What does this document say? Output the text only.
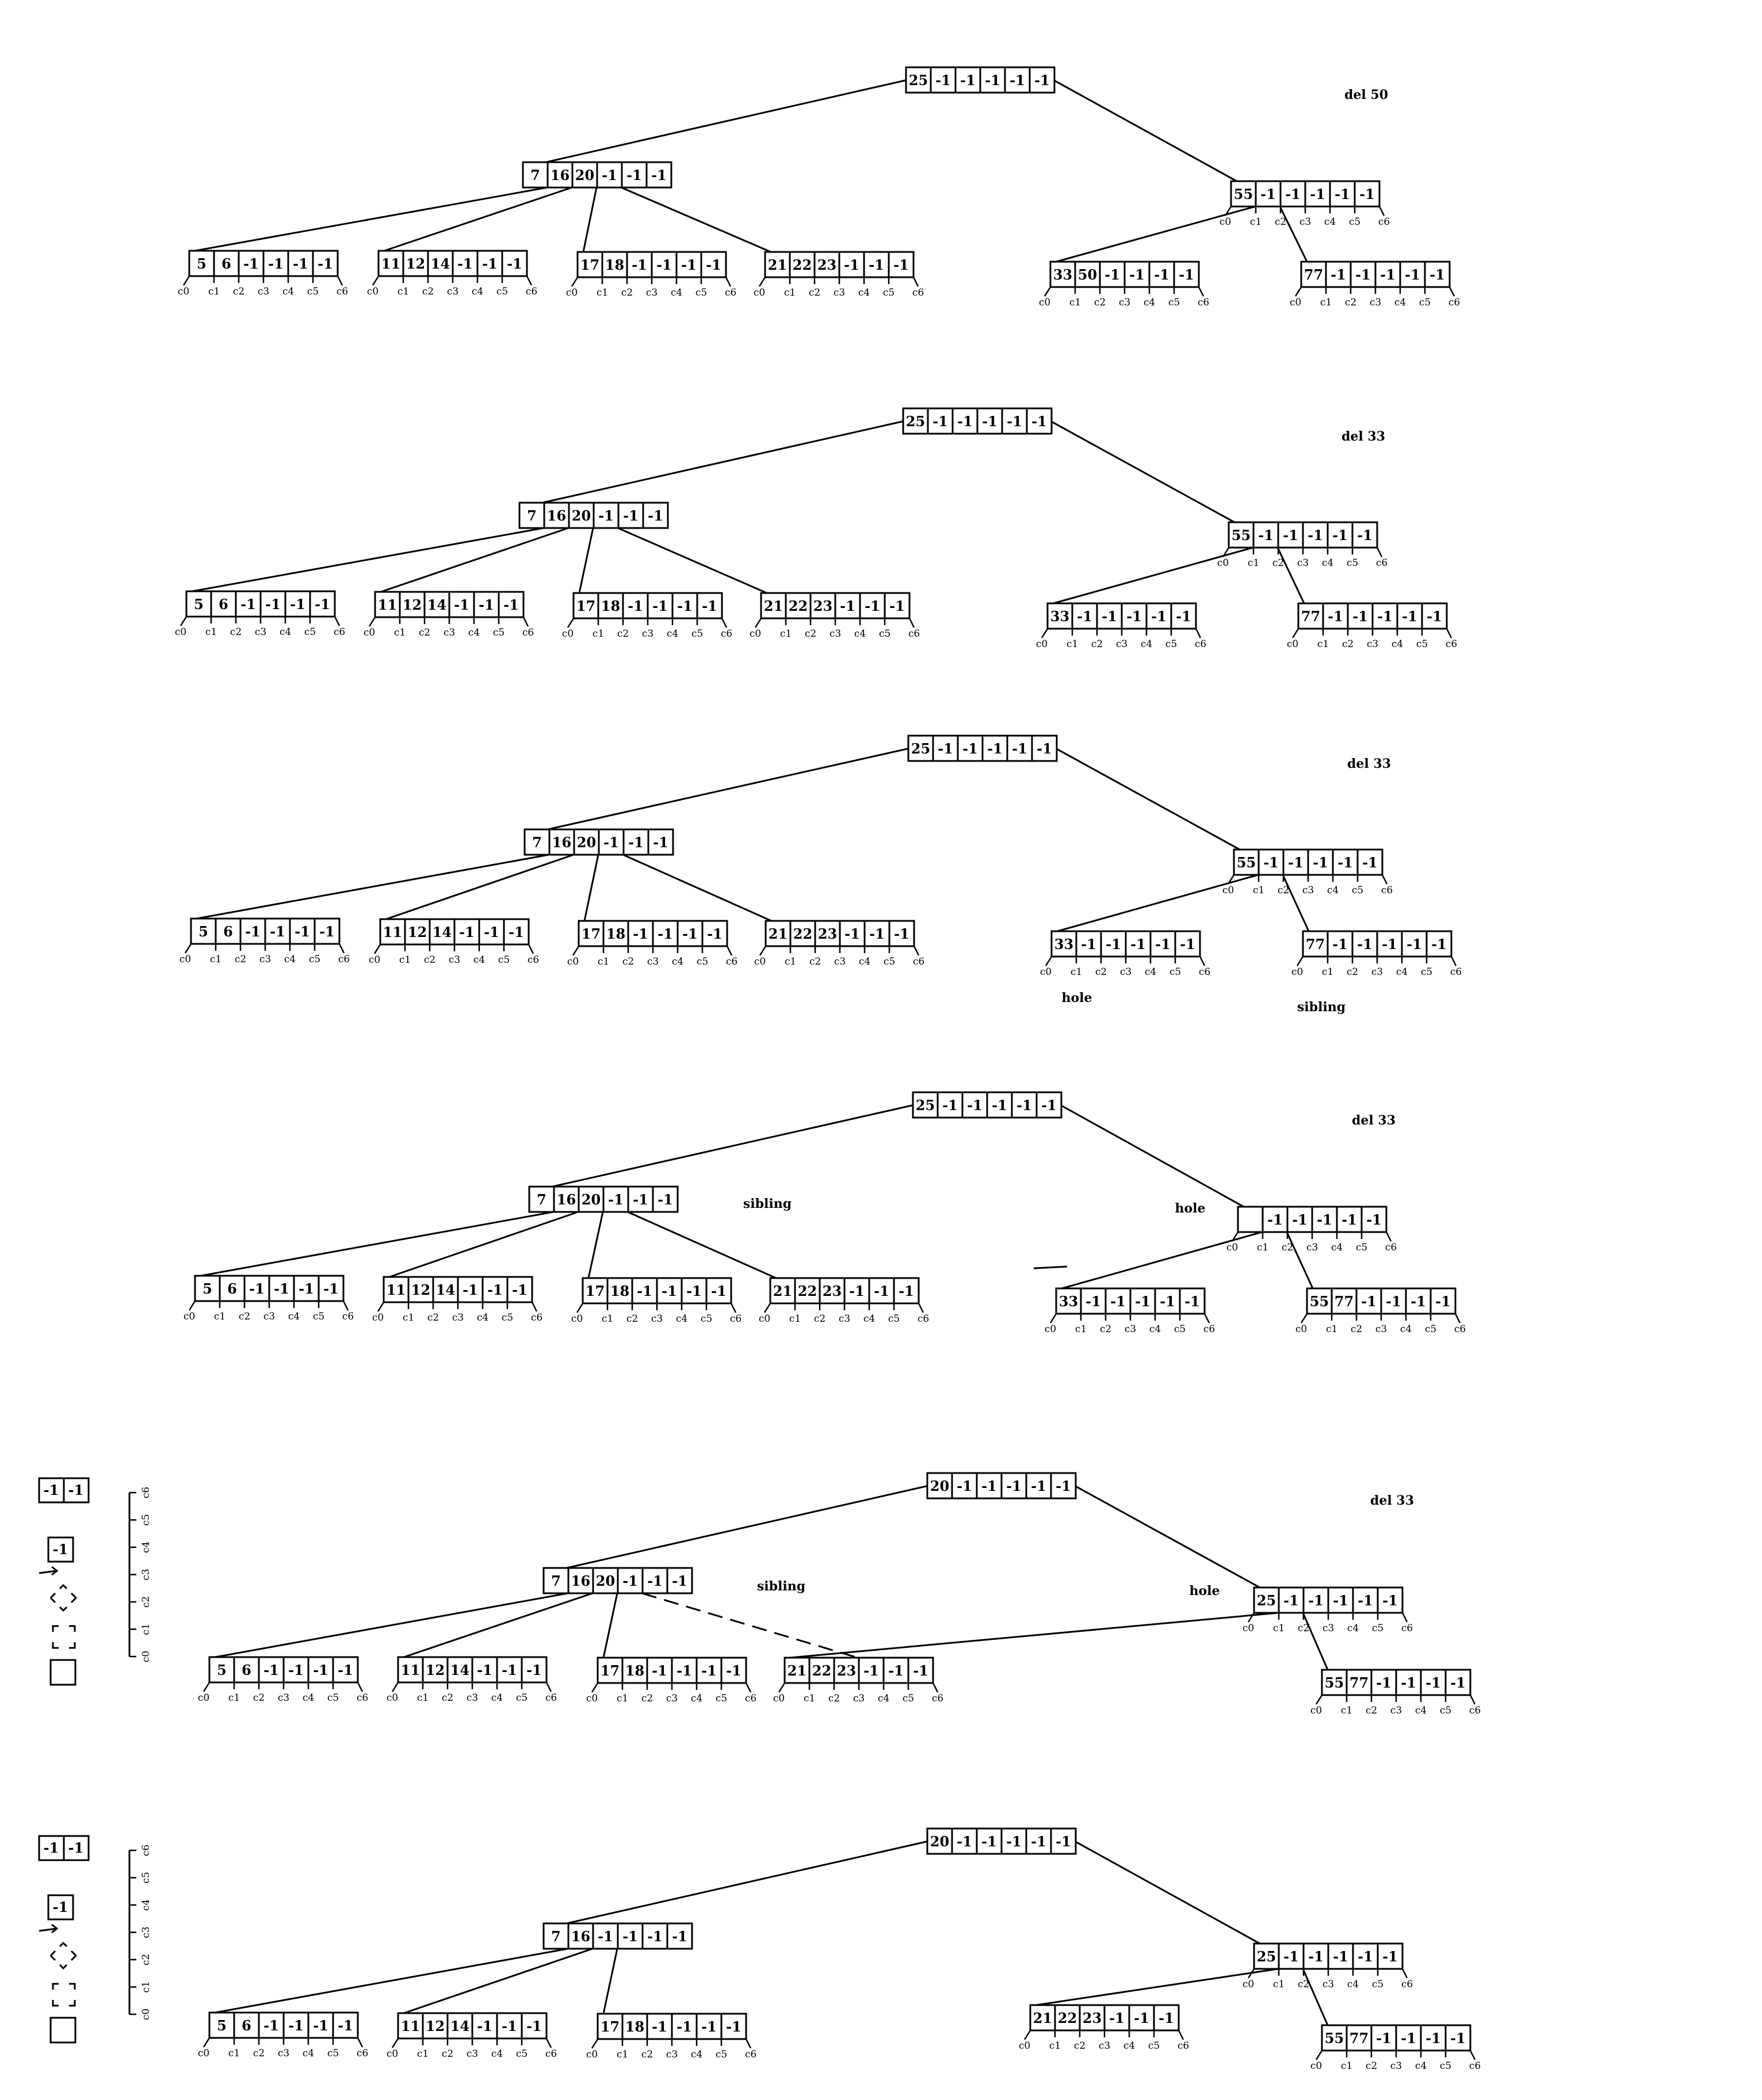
25 -1 -1 -1 -1 -1
7 16 20 -1 -1 -1
55 -1 -1 -1 -1 -1
c0 c1 c2 c3 c4 c5 c6
5 6 -1 -1 -1 -1
c0 c1 c2 c3 c4 c5 c6
11 12 14 -1 -1 -1
c0 c1 c2 c3 c4 c5 c6
17 18 -1 -1 -1 -1
c0 c1 c2 c3 c4 c5 c6
21 22 23 -1 -1 -1
c0 c1 c2 c3 c4 c5 c6
33 50 -1 -1 -1 -1
c0 c1 c2 c3 c4 c5 c6
77 -1 -1 -1 -1 -1
c0 c1 c2 c3 c4 c5 c6
del 50
25 -1 -1 -1 -1 -1
7 16 20 -1 -1 -1
55 -1 -1 -1 -1 -1
c0 c1 c2 c3 c4 c5 c6
5 6 -1 -1 -1 -1
c0 c1 c2 c3 c4 c5 c6
11 12 14 -1 -1 -1
c0 c1 c2 c3 c4 c5 c6
17 18 -1 -1 -1 -1
c0 c1 c2 c3 c4 c5 c6
21 22 23 -1 -1 -1
c0 c1 c2 c3 c4 c5 c6
33 -1 -1 -1 -1 -1
c0 c1 c2 c3 c4 c5 c6
77 -1 -1 -1 -1 -1
c0 c1 c2 c3 c4 c5 c6
del 33
25 -1 -1 -1 -1 -1
7 16 20 -1 -1 -1
55 -1 -1 -1 -1 -1
c0 c1 c2 c3 c4 c5 c6
5 6 -1 -1 -1 -1
c0 c1 c2 c3 c4 c5 c6
11 12 14 -1 -1 -1
c0 c1 c2 c3 c4 c5 c6
17 18 -1 -1 -1 -1
c0 c1 c2 c3 c4 c5 c6
21 22 23 -1 -1 -1
c0 c1 c2 c3 c4 c5 c6
33 -1 -1 -1 -1 -1
c0 c1 c2 c3 c4 c5 c6
77 -1 -1 -1 -1 -1
c0 c1 c2 c3 c4 c5 c6
del 33
hole
sibling
25 -1 -1 -1 -1 -1
7 16 20 -1 -1 -1
-1 -1 -1 -1 -1
c0 c1 c2 c3 c4 c5 c6
5 6 -1 -1 -1 -1
c0 c1 c2 c3 c4 c5 c6
11 12 14 -1 -1 -1
c0 c1 c2 c3 c4 c5 c6
17 18 -1 -1 -1 -1
c0 c1 c2 c3 c4 c5 c6
21 22 23 -1 -1 -1
c0 c1 c2 c3 c4 c5 c6
33 -1 -1 -1 -1 -1
c0 c1 c2 c3 c4 c5 c6
55 77 -1 -1 -1 -1
c0 c1 c2 c3 c4 c5 c6
del 33
sibling	hole
20 -1 -1 -1 -1 -1
7 16 20 -1 -1 -1
25 -1 -1 -1 -1 -1
c0 c1 c2 c3 c4 c5 c6
5 6 -1 -1 -1 -1
c0 c1 c2 c3 c4 c5 c6
11 12 14 -1 -1 -1
c0 c1 c2 c3 c4 c5 c6
17 18 -1 -1 -1 -1
c0 c1 c2 c3 c4 c5 c6
21 22 23 -1 -1 -1
c0 c1 c2 c3 c4 c5 c6
55 77 -1 -1 -1 -1
c0 c1 c2 c3 c4 c5 c6
del 33
sibling	hole
20 -1 -1 -1 -1 -1
7 16 -1 -1 -1 -1
25 -1 -1 -1 -1 -1
c0 c1 c2 c3 c4 c5 c6
5 6 -1 -1 -1 -1
c0 c1 c2 c3 c4 c5 c6
11 12 14 -1 -1 -1
c0 c1 c2 c3 c4 c5 c6
17 18 -1 -1 -1 -1
c0 c1 c2 c3 c4 c5 c6
21 22 23 -1 -1 -1
c0 c1 c2 c3 c4 c5 c6	55 77 -1 -1 -1 -1
c0 c1 c2 c3 c4 c5 c6
-1 -1
-1
c0
c1
c2
c3
c4
c5
c6
-1 -1
-1
c0
c1
c2
c3
c4
c5
c6
